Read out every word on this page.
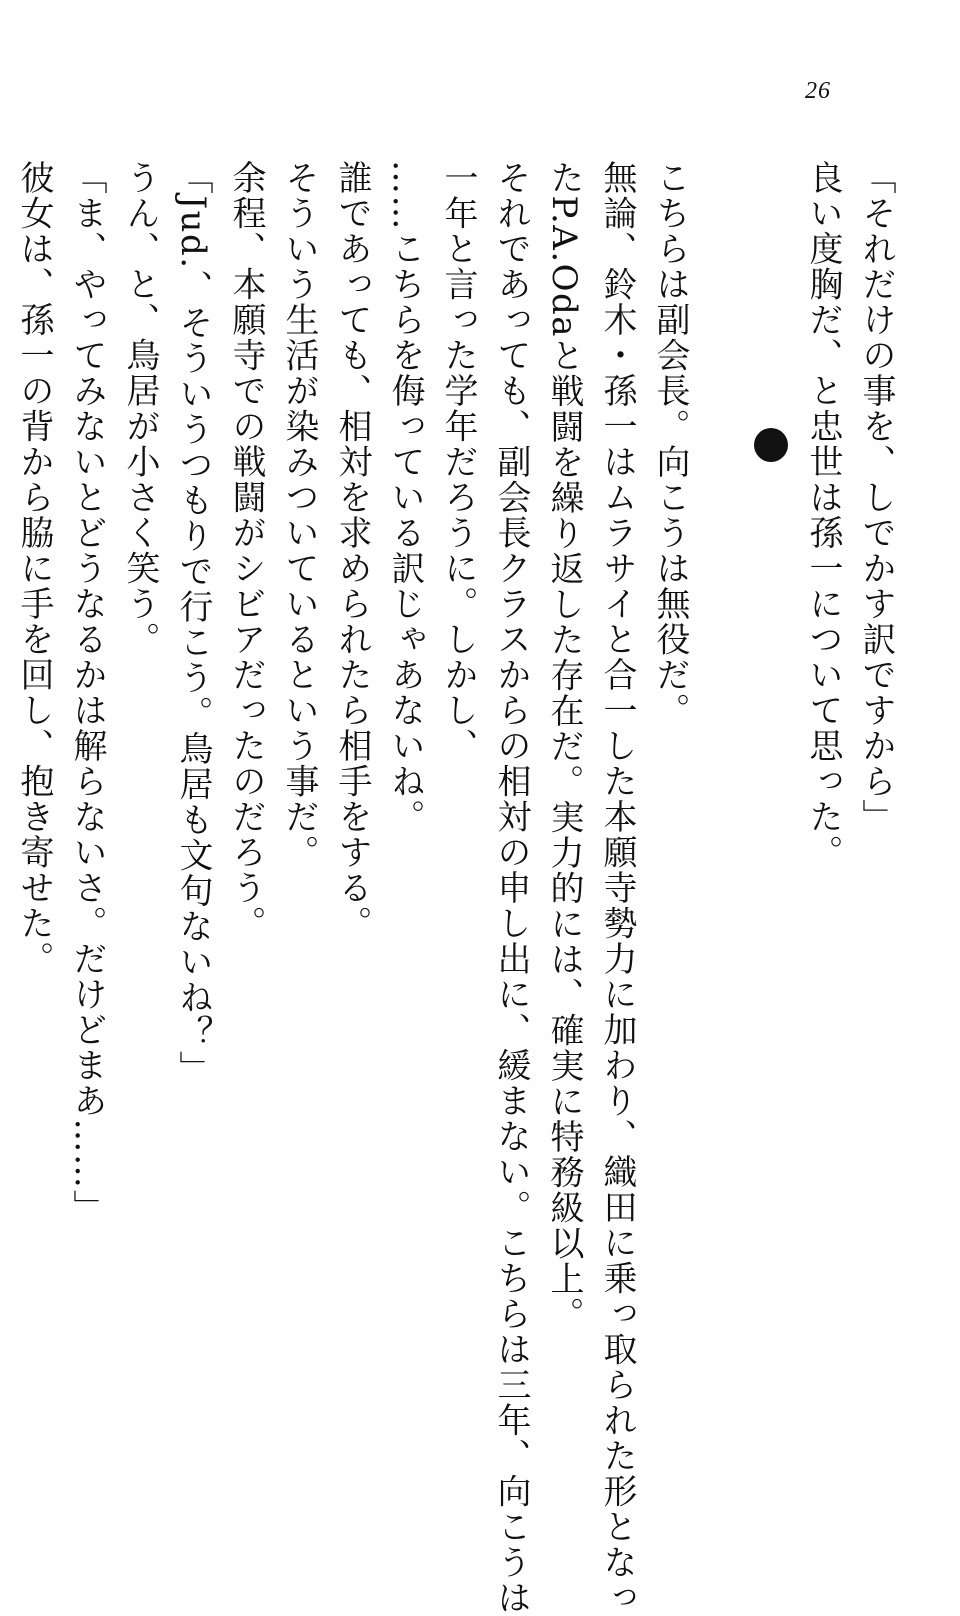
26

「それだけの事を、しでかす訳ですから」

良い度胸だ、と忠世は孫一について思った。

こちらは副会長。向こうは無役だ。

無論、鈴木・孫一はムラサイと合一した本願寺勢力に加わり、織田に乗っ取られた形となっ

たP.A.Odaと戦闘を繰り返した存在だ。実力的には、確実に特務級以上。

それであっても、副会長クラスからの相対の申し出に、緩まない。こちらは三年、向こうは

一年と言った学年だろうに。しかし、

……こちらを侮っている訳じゃあないね。

誰であっても、相対を求められたら相手をする。

そういう生活が染みついているという事だ。

余程、本願寺での戦闘がシビアだったのだろう。

「Jud.、そういうつもりで行こう。鳥居も文句ないね？」

うん、と、鳥居が小さく笑う。

「ま、やってみないとどうなるかは解らないさ。だけどまあ……」

彼女は、孫一の背から脇に手を回し、抱き寄せた。
